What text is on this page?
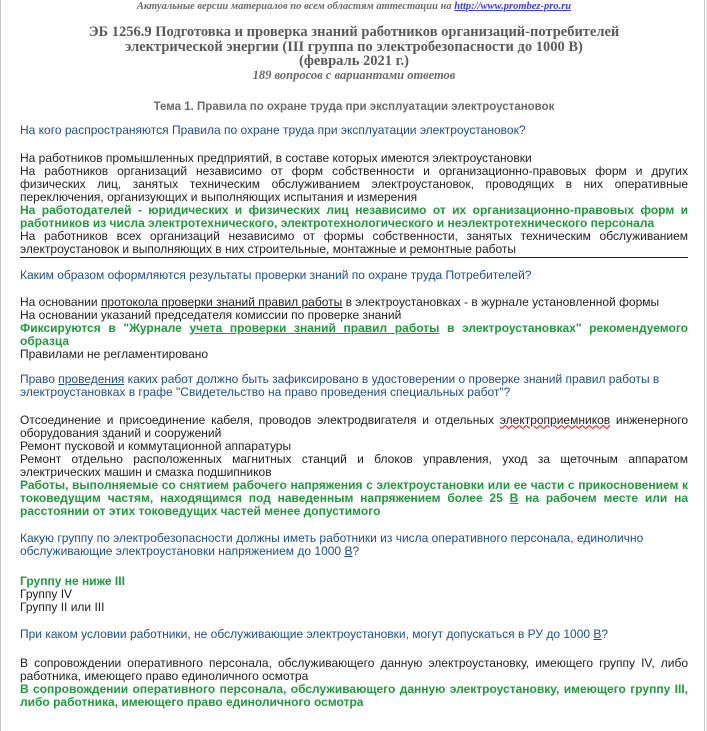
Актуальные версии материалов по всем областям аттестации на http://www.prombez-pro.ru
ЭБ 1256.9 Подготовка и проверка знаний работников организаций-потребителей
электрической энергии (III группа по электробезопасности до 1000 В)
(февраль 2021 г.)
189 вопросов с вариантами ответов
Тема 1. Правила по охране труда при эксплуатации электроустановок
На кого распространяются Правила по охране труда при эксплуатации электроустановок?
На работников промышленных предприятий, в составе которых имеются электроустановки
На работников организаций независимо от форм собственности и организационно-правовых форм и других физических лиц, занятых техническим обслуживанием электроустановок, проводящих в них оперативные переключения, организующих и выполняющих испытания и измерения
На работодателей - юридических и физических лиц независимо от их организационно-правовых форм и работников из числа электротехнического, электротехнологического и неэлектротехнического персонала
На работников всех организаций независимо от формы собственности, занятых техническим обслуживанием электроустановок и выполняющих в них строительные, монтажные и ремонтные работы
Каким образом оформляются результаты проверки знаний по охране труда Потребителей?
На основании протокола проверки знаний правил работы в электроустановках - в журнале установленной формы
На основании указаний председателя комиссии по проверке знаний
Фиксируются в "Журнале учета проверки знаний правил работы в электроустановках" рекомендуемого образца
Правилами не регламентировано
Право проведения каких работ должно быть зафиксировано в удостоверении о проверке знаний правил работы в электроустановках в графе "Свидетельство на право проведения специальных работ"?
Отсоединение и присоединение кабеля, проводов электродвигателя и отдельных электроприемников инженерного оборудования зданий и сооружений
Ремонт пусковой и коммутационной аппаратуры
Ремонт отдельно расположенных магнитных станций и блоков управления, уход за щеточным аппаратом электрических машин и смазка подшипников
Работы, выполняемые со снятием рабочего напряжения с электроустановки или ее части с прикосновением к токоведущим частям, находящимся под наведенным напряжением более 25 В на рабочем месте или на расстоянии от этих токоведущих частей менее допустимого
Какую группу по электробезопасности должны иметь работники из числа оперативного персонала, единолично обслуживающие электроустановки напряжением до 1000 В?
Группу не ниже III
Группу IV
Группу II или III
При каком условии работники, не обслуживающие электроустановки, могут допускаться в РУ до 1000 В?
В сопровождении оперативного персонала, обслуживающего данную электроустановку, имеющего группу IV, либо работника, имеющего право единоличного осмотра
В сопровождении оперативного персонала, обслуживающего данную электроустановку, имеющего группу III, либо работника, имеющего право единоличного осмотра
